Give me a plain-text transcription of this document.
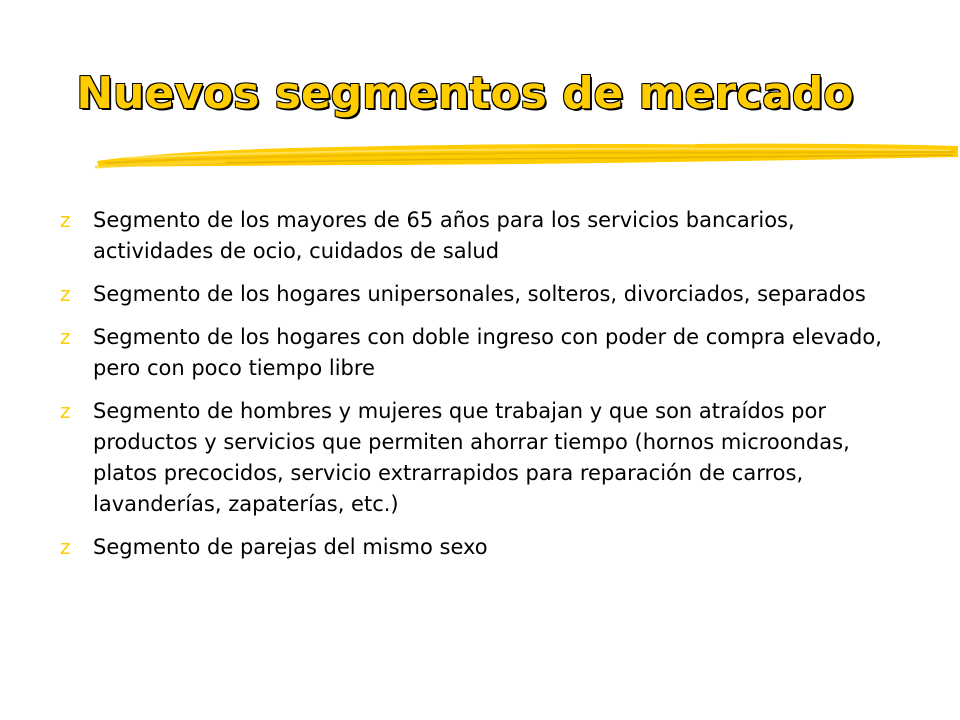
Nuevos segmentos de mercado
z	Segmento de los mayores de 65 años para los servicios bancarios, actividades de ocio, cuidados de salud
z	Segmento de los hogares unipersonales, solteros, divorciados, separados
z	Segmento de los hogares con doble ingreso con poder de compra elevado, pero con poco tiempo libre
z	Segmento de hombres y mujeres que trabajan y que son atraídos por productos y servicios que permiten ahorrar tiempo (hornos microondas, platos precocidos, servicio extrarrapidos para reparación de carros, lavanderías, zapaterías, etc.)
z	Segmento de parejas del mismo sexo
